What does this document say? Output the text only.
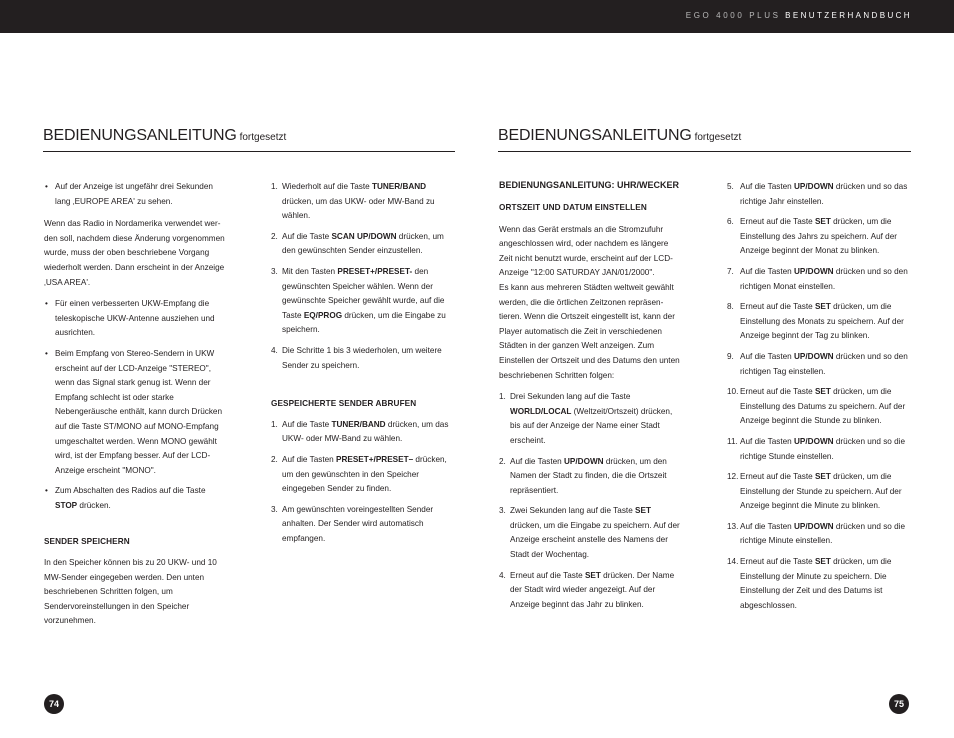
EGO 4000 PLUS BENUTZERHANDBUCH
BEDIENUNGSANLEITUNG fortgesetzt	BEDIENUNGSANLEITUNG fortgesetzt
• Auf der Anzeige ist ungefähr drei Sekunden lang ‚EUROPE AREA' zu sehen.

Wenn das Radio in Nordamerika verwendet wer-den soll, nachdem diese Änderung vorgenommen wurde, muss der oben beschriebene Vorgang wiederholt werden. Dann erscheint in der Anzeige ‚USA AREA'.

• Für einen verbesserten UKW-Empfang die teleskopische UKW-Antenne ausziehen und ausrichten.
• Beim Empfang von Stereo-Sendern in UKW erscheint auf der LCD-Anzeige "STEREO", wenn das Signal stark genug ist. Wenn der Empfang schlecht ist oder starke Nebengeräusche enthält, kann durch Drücken auf die Taste ST/MONO auf MONO-Empfang umgeschaltet werden. Wenn MONO gewählt wird, ist der Empfang besser. Auf der LCD-Anzeige erscheint "MONO".
• Zum Abschalten des Radios auf die Taste STOP drücken.
SENDER SPEICHERN

In den Speicher können bis zu 20 UKW- und 10 MW-Sender eingegeben werden. Den unten beschriebenen Schritten folgen, um Sendervoreinstellungen in den Speicher vorzunehmen.

1. Wiederholt auf die Taste TUNER/BAND drücken, um das UKW- oder MW-Band zu wählen.
2. Auf die Taste SCAN UP/DOWN drücken, um den gewünschten Sender einzustellen.
3. Mit den Tasten PRESET+/PRESET- den gewünschten Speicher wählen. Wenn der gewünschte Speicher gewählt wurde, auf die Taste EQ/PROG drücken, um die Eingabe zu speichern.
4. Die Schritte 1 bis 3 wiederholen, um weitere Sender zu speichern.
GESPEICHERTE SENDER ABRUFEN
1. Auf die Taste TUNER/BAND drücken, um das UKW- oder MW-Band zu wählen.
2. Auf die Tasten PRESET+/PRESET– drücken, um den gewünschten in den Speicher eingegeben Sender zu finden.
3. Am gewünschten voreingestellten Sender anhalten. Der Sender wird automatisch empfangen.
BEDIENUNGSANLEITUNG: UHR/WECKER
ORTSZEIT UND DATUM EINSTELLEN

Wenn das Gerät erstmals an die Stromzufuhr angeschlossen wird, oder nachdem es längere Zeit nicht benutzt wurde, erscheint auf der LCD-Anzeige "12:00 SATURDAY JAN/01/2000".

Es kann aus mehreren Städten weltweit gewählt werden, die die örtlichen Zeitzonen repräsen-tieren. Wenn die Ortszeit eingestellt ist, kann der Player automatisch die Zeit in verschiedenen Städten in der ganzen Welt anzeigen. Zum Einstellen der Ortszeit und des Datums den unten beschriebenen Schritten folgen:

1. Drei Sekunden lang auf die Taste WORLD/LOCAL (Weltzeit/Ortszeit) drücken, bis auf der Anzeige der Name einer Stadt erscheint.
2. Auf die Tasten UP/DOWN drücken, um den Namen der Stadt zu finden, die die Ortszeit repräsentiert.
3. Zwei Sekunden lang auf die Taste SET drücken, um die Eingabe zu speichern. Auf der Anzeige erscheint anstelle des Namens der Stadt der Wochentag.
4. Erneut auf die Taste SET drücken. Der Name der Stadt wird wieder angezeigt. Auf der Anzeige beginnt das Jahr zu blinken.
5. Auf die Tasten UP/DOWN drücken und so das richtige Jahr einstellen.
6. Erneut auf die Taste SET drücken, um die Einstellung des Jahrs zu speichern. Auf der Anzeige beginnt der Monat zu blinken.
7. Auf die Tasten UP/DOWN drücken und so den richtigen Monat einstellen.
8. Erneut auf die Taste SET drücken, um die Einstellung des Monats zu speichern. Auf der Anzeige beginnt der Tag zu blinken.
9. Auf die Tasten UP/DOWN drücken und so den richtigen Tag einstellen.
10. Erneut auf die Taste SET drücken, um die Einstellung des Datums zu speichern. Auf der Anzeige beginnt die Stunde zu blinken.
11. Auf die Tasten UP/DOWN drücken und so die richtige Stunde einstellen.
12. Erneut auf die Taste SET drücken, um die Einstellung der Stunde zu speichern. Auf der Anzeige beginnt die Minute zu blinken.
13. Auf die Tasten UP/DOWN drücken und so die richtige Minute einstellen.
14. Erneut auf die Taste SET drücken, um die Einstellung der Minute zu speichern. Die Einstellung der Zeit und des Datums ist abgeschlossen.
74	75
